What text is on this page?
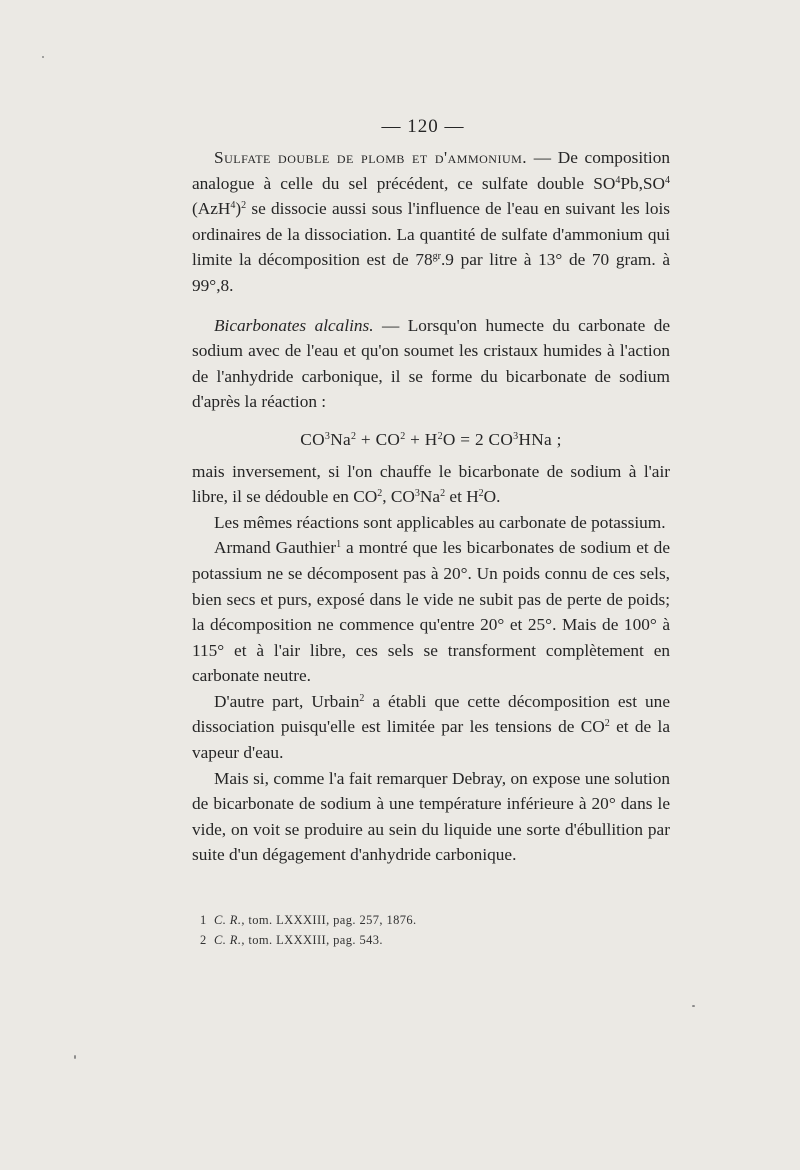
— 120 —

Sulfate double de plomb et d'ammonium. — De composition analogue à celle du sel précédent, ce sulfate double $SO^4Pb,SO^4$ $(AzH^4)^2$ se dissocie aussi sous l'influence de l'eau en suivant les lois ordinaires de la dissociation. La quantité de sulfate d'ammonium qui limite la décomposition est de $78^{gr}.9$ par litre à 13° de 70 gram. à 99°,8.

Bicarbonates alcalins. — Lorsqu'on humecte du carbonate de sodium avec de l'eau et qu'on soumet les cristaux humides à l'action de l'anhydride carbonique, il se forme du bicarbonate de sodium d'après la réaction :

$CO^3Na^2 + CO^2 + H^2O = 2$ $CO^3HNa$ ;

mais inversement, si l'on chauffe le bicarbonate de sodium à l'air libre, il se dédouble en $CO^2$, $CO^3Na^2$ et $H^2O$.

Les mêmes réactions sont applicables au carbonate de potassium.

Armand Gauthier$^1$ a montré que les bicarbonates de sodium et de potassium ne se décomposent pas à 20°. Un poids connu de ces sels, bien secs et purs, exposé dans le vide ne subit pas de perte de poids; la décomposition ne commence qu'entre 20° et 25°. Mais de 100° à 115° et à l'air libre, ces sels se transforment complètement en carbonate neutre.

D'autre part, Urbain$^2$ a établi que cette décomposition est une dissociation puisqu'elle est limitée par les tensions de $CO^2$ et de la vapeur d'eau.

Mais si, comme l'a fait remarquer Debray, on expose une solution de bicarbonate de sodium à une température inférieure à 20° dans le vide, on voit se produire au sein du liquide une sorte d'ébullition par suite d'un dégagement d'anhydride carbonique.

1 C. R., tom. LXXXIII, pag. 257, 1876.
2 C. R., tom. LXXXIII, pag. 543.
